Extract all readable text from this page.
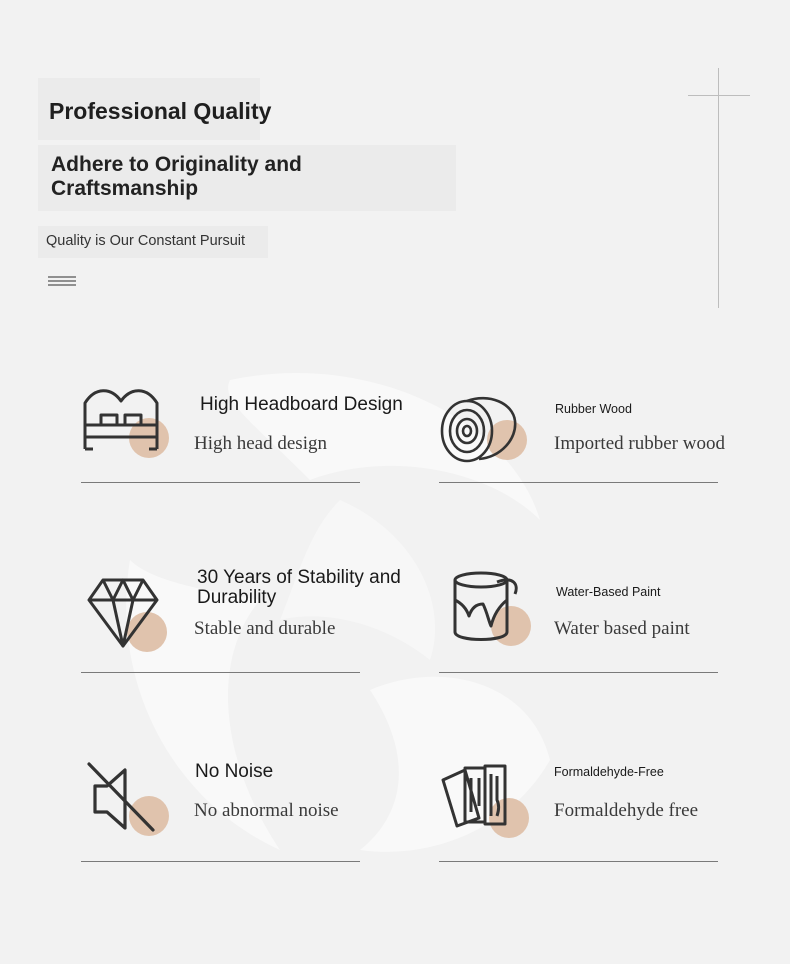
Professional Quality
Adhere to Originality and Craftsmanship
Quality is Our Constant Pursuit
High Headboard Design
High head design
Rubber Wood
Imported rubber wood
30 Years of Stability and Durability
Stable and durable
Water-Based Paint
Water based paint
No Noise
No abnormal noise
Formaldehyde-Free
Formaldehyde free
